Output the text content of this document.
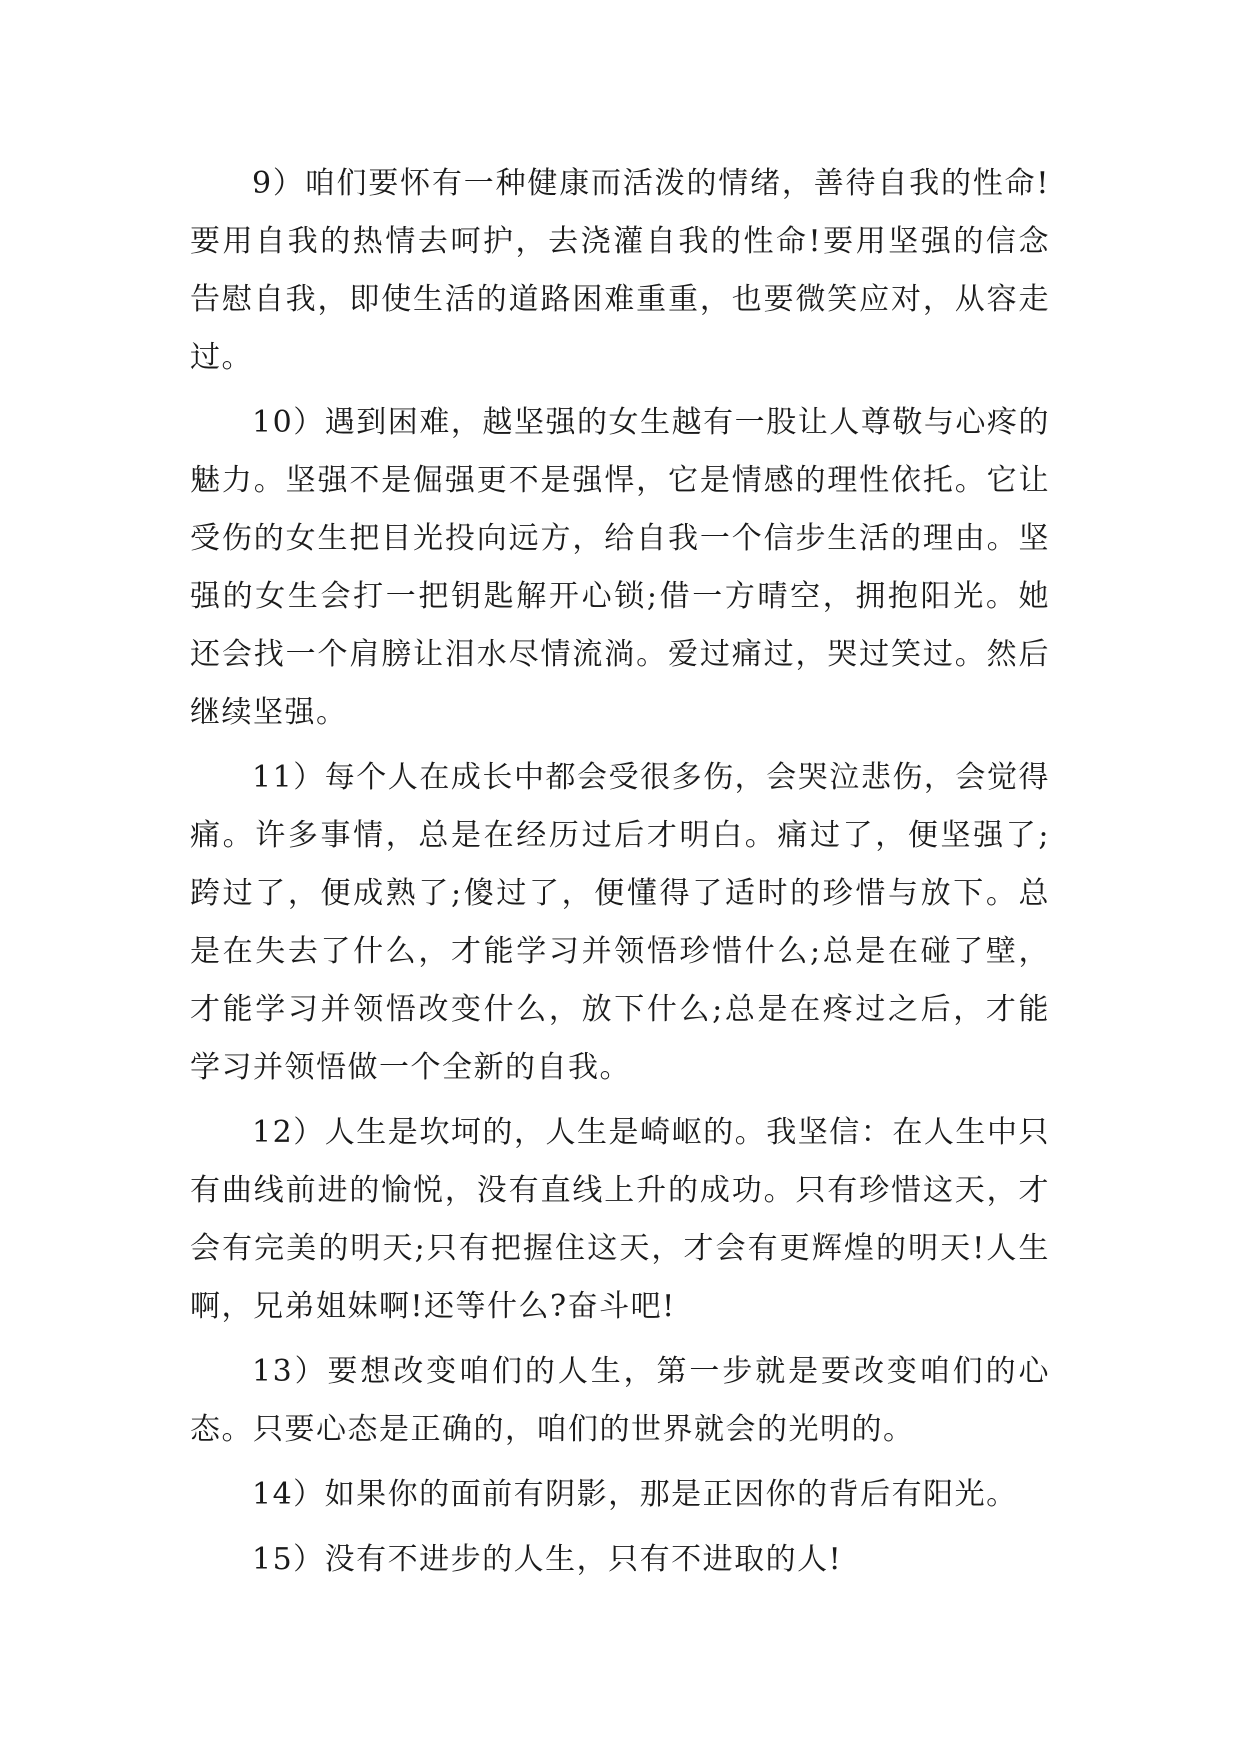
9）咱们要怀有一种健康而活泼的情绪，善待自我的性命!要用自我的热情去呵护，去浇灌自我的性命!要用坚强的信念告慰自我，即使生活的道路困难重重，也要微笑应对，从容走过。

10）遇到困难，越坚强的女生越有一股让人尊敬与心疼的魅力。坚强不是倔强更不是强悍，它是情感的理性依托。它让受伤的女生把目光投向远方，给自我一个信步生活的理由。坚强的女生会打一把钥匙解开心锁;借一方晴空，拥抱阳光。她还会找一个肩膀让泪水尽情流淌。爱过痛过，哭过笑过。然后继续坚强。

11）每个人在成长中都会受很多伤，会哭泣悲伤，会觉得痛。许多事情，总是在经历过后才明白。痛过了，便坚强了;跨过了，便成熟了;傻过了，便懂得了适时的珍惜与放下。总是在失去了什么，才能学习并领悟珍惜什么;总是在碰了壁，才能学习并领悟改变什么，放下什么;总是在疼过之后，才能学习并领悟做一个全新的自我。

12）人生是坎坷的，人生是崎岖的。我坚信：在人生中只有曲线前进的愉悦，没有直线上升的成功。只有珍惜这天，才会有完美的明天;只有把握住这天，才会有更辉煌的明天!人生啊，兄弟姐妹啊!还等什么?奋斗吧!

13）要想改变咱们的人生，第一步就是要改变咱们的心态。只要心态是正确的，咱们的世界就会的光明的。

14）如果你的面前有阴影，那是正因你的背后有阳光。

15）没有不进步的人生，只有不进取的人!
